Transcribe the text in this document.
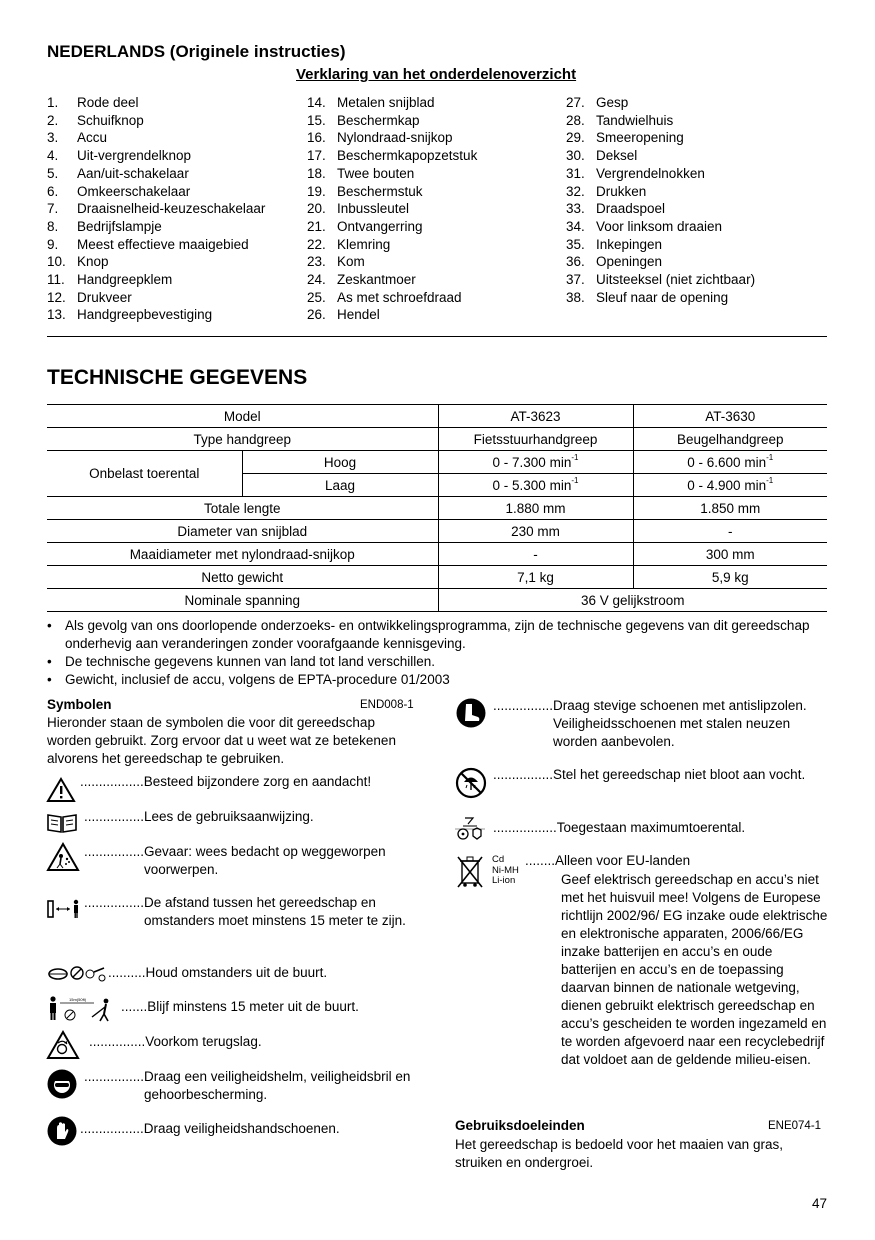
NEDERLANDS (Originele instructies)
Verklaring van het onderdelenoverzicht
1.	Rode deel
2.	Schuifknop
3.	Accu
4.	Uit-vergrendelknop
5.	Aan/uit-schakelaar
6.	Omkeerschakelaar
7.	Draaisnelheid-keuzeschakelaar
8.	Bedrijfslampje
9.	Meest effectieve maaigebied
10. Knop
11. Handgreepklem
12. Drukveer
13. Handgreepbevestiging
14. Metalen snijblad
15. Beschermkap
16. Nylondraad-snijkop
17. Beschermkapopzetstuk
18. Twee bouten
19. Beschermstuk
20. Inbussleutel
21. Ontvangerring
22. Klemring
23. Kom
24. Zeskantmoer
25. As met schroefdraad
26. Hendel
27. Gesp
28. Tandwielhuis
29. Smeeropening
30. Deksel
31. Vergrendelnokken
32. Drukken
33. Draadspoel
34. Voor linksom draaien
35. Inkepingen
36. Openingen
37. Uitsteeksel (niet zichtbaar)
38. Sleuf naar de opening
TECHNISCHE GEGEVENS
Model		AT-3623	AT-3630
Type handgreep		Fietsstuurhandgreep	Beugelhandgreep
Onbelast toerental	Hoog	0 - 7.300 $\min^{-1}$	0 - 6.600 $\min^{-1}$
	Laag	0 - 5.300 $\min^{-1}$	0 - 4.900 $\min^{-1}$
Totale lengte		1.880 mm	1.850 mm
Diameter van snijblad		230 mm	-
Maaidiameter met nylondraad-snijkop		-	300 mm
Netto gewicht		7,1 kg	5,9 kg
Nominale spanning		36 V gelijkstroom	
• Als gevolg van ons doorlopende onderzoeks- en ontwikkelingsprogramma, zijn de technische gegevens van dit gereedschap onderhevig aan veranderingen zonder voorafgaande kennisgeving.
• De technische gegevens kunnen van land tot land verschillen.
• Gewicht, inclusief de accu, volgens de EPTA-procedure 01/2003
Symbolen	END008-1
Hieronder staan de symbolen die voor dit gereedschap worden gebruikt. Zorg ervoor dat u weet wat ze betekenen alvorens het gereedschap te gebruiken.
15m(50ft)
................. Besteed bijzondere zorg en aandacht!
................ Lees de gebruiksaanwijzing.
................ Gevaar: wees bedacht op weggeworpen voorwerpen.
................ De afstand tussen het gereedschap en omstanders moet minstens 15 meter te zijn.
.......... Houd omstanders uit de buurt.
....... Blijf minstens 15 meter uit de buurt.
............... Voorkom terugslag.
................ Draag een veiligheidshelm, veiligheidsbril en gehoorbescherming.
................. Draag veiligheidshandschoenen.
Cd
Ni-MH
Li-ion
................ Draag stevige schoenen met antislipzolen. Veiligheidsschoenen met stalen neuzen worden aanbevolen.
................ Stel het gereedschap niet bloot aan vocht.
................. Toegestaan maximumtoerental.
........ Alleen voor EU-landen
Geef elektrisch gereedschap en accu’s niet met het huisvuil mee! Volgens de Europese richtlijn 2002/96/ EG inzake oude elektrische en elektronische apparaten, 2006/66/EG inzake batterijen en accu’s en oude batterijen en accu’s en de toepassing daarvan binnen de nationale wetgeving, dienen gebruikt elektrisch gereedschap en accu’s gescheiden te worden ingezameld en te worden afgevoerd naar een recyclebedrijf dat voldoet aan de geldende milieu-eisen.
Gebruiksdoeleinden	ENE074-1
Het gereedschap is bedoeld voor het maaien van gras, struiken en ondergroei.
47
